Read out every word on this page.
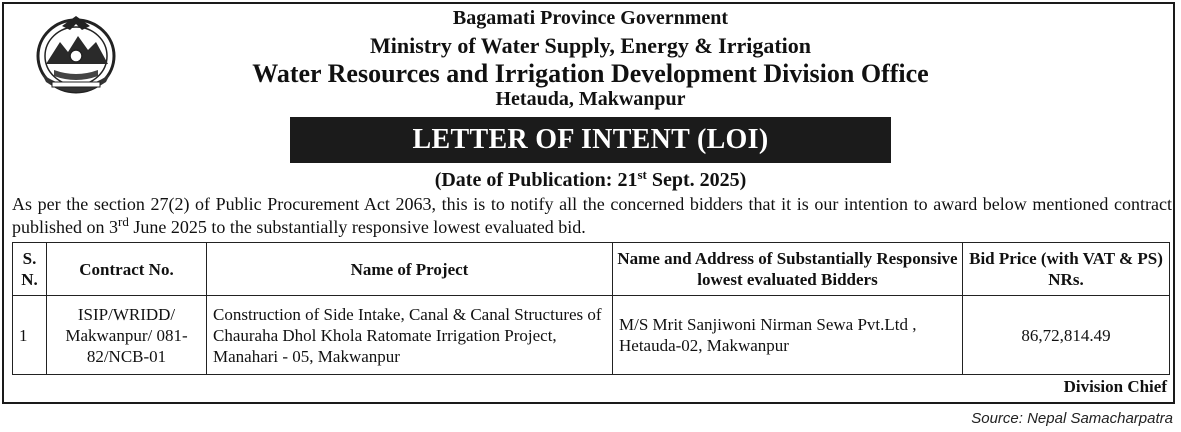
Bagamati Province Government
Ministry of Water Supply, Energy & Irrigation
Water Resources and Irrigation Development Division Office
Hetauda, Makwanpur
LETTER OF INTENT (LOI)
(Date of Publication: 21st Sept. 2025)
As per the section 27(2) of Public Procurement Act 2063, this is to notify all the concerned bidders that it is our intention to award below mentioned contract published on 3rd June 2025 to the substantially responsive lowest evaluated bid.
S. N.	Contract No.	Name of Project	Name and Address of Substantially Responsive lowest evaluated Bidders	Bid Price (with VAT & PS) NRs.
1	ISIP/WRIDD/ Makwanpur/ 081-82/NCB-01	Construction of Side Intake, Canal & Canal Structures of Chauraha Dhol Khola Ratomate Irrigation Project, Manahari - 05, Makwanpur	M/S Mrit Sanjiwoni Nirman Sewa Pvt.Ltd , Hetauda-02, Makwanpur	86,72,814.49
Division Chief
Source: Nepal Samacharpatra
